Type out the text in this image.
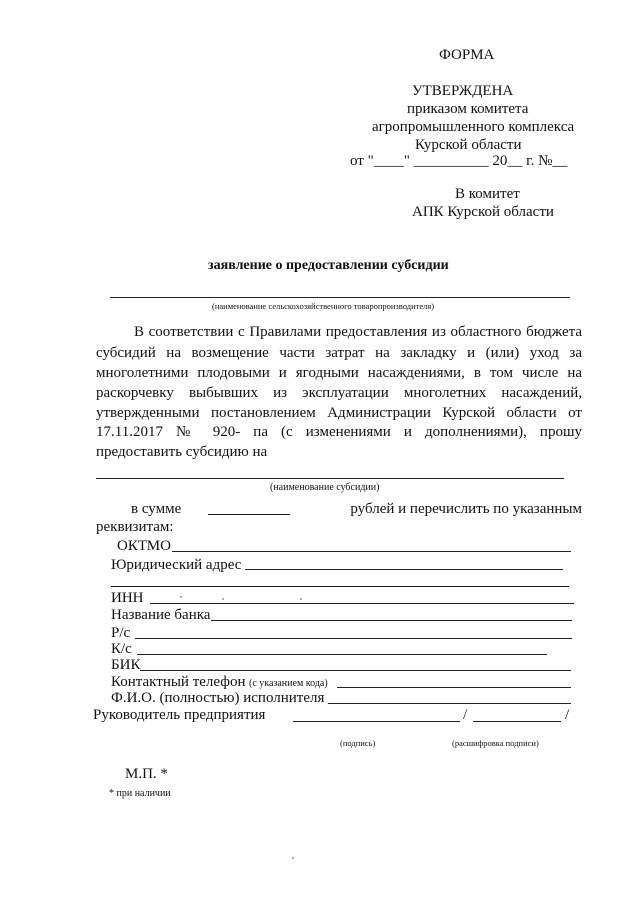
ФОРМА
УТВЕРЖДЕНА
приказом комитета
агропромышленного комплекса
Курской области
от "____" __________ 20__ г. №__
В комитет
АПК Курской области
заявление о предоставлении субсидии
(наименование сельскохозяйственного товаропроизводителя)
В соответствии с Правилами предоставления из областного бюджета
субсидий на возмещение части затрат на закладку и (или) уход за
многолетними плодовыми и ягодными насаждениями, в том числе на
раскорчевку выбывших из эксплуатации многолетних насаждений,
утвержденными постановлением Администрации Курской области от
17.11.2017 № 920- па (с изменениями и дополнениями), прошу
предоставить субсидию на
(наименование субсидии)
в сумме	рублей и перечислить по указанным
реквизитам:
ОКТМО
Юридический адрес
ИНН
Название банка
Р/с
К/с
БИК
Контактный телефон (с указанием кода)
Ф.И.О. (полностью) исполнителя
Руководитель предприятия	/	/
(подпись)	(расшифровка подписи)
М.П. *
* при наличии
